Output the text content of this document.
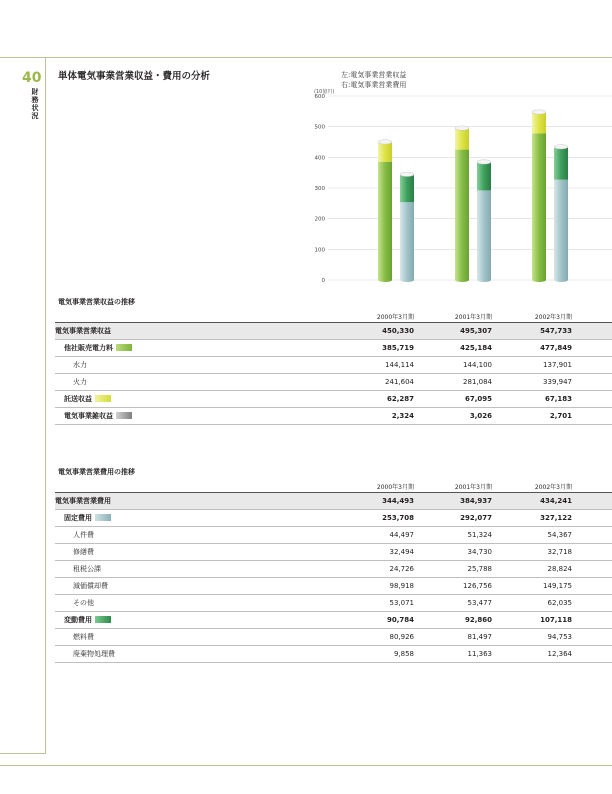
40
財務状況
単体電気事業営業収益・費用の分析	左:電気事業営業収益
右:電気事業営業費用
(10億円)
0
100
200
300
400
500
600
電気事業営業収益の推移
	2000年3月期	2001年3月期	2002年3月期	
電気事業営業収益	450,330	495,307	547,733	
他社販売電力料	385,719	425,184	477,849	
水力	144,114	144,100	137,901	
火力	241,604	281,084	339,947	
託送収益	62,287	67,095	67,183	
電気事業雑収益	2,324	3,026	2,701	
電気事業営業費用の推移
	2000年3月期	2001年3月期	2002年3月期	
電気事業営業費用	344,493	384,937	434,241	
固定費用	253,708	292,077	327,122	
人件費	44,497	51,324	54,367	
修繕費	32,494	34,730	32,718	
租税公課	24,726	25,788	28,824	
減価償却費	98,918	126,756	149,175	
その他	53,071	53,477	62,035	
変動費用	90,784	92,860	107,118	
燃料費	80,926	81,497	94,753	
廃棄物処理費	9,858	11,363	12,364	
